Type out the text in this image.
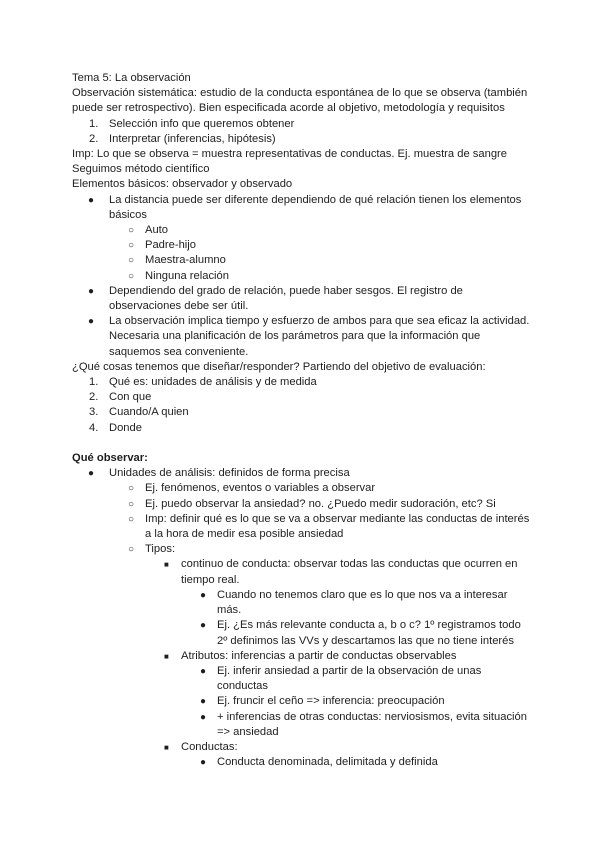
Tema 5: La observación

Observación sistemática: estudio de la conducta espontánea de lo que se observa (también

puede ser retrospectivo). Bien especificada acorde al objetivo, metodología y requisitos

1. Selección info que queremos obtener
2. Interpretar (inferencias, hipótesis)

Imp: Lo que se observa = muestra representativas de conductas. Ej. muestra de sangre

Seguimos método científico

Elementos básicos: observador y observado

● La distancia puede ser diferente dependiendo de qué relación tienen los elementos
básicos
○ Auto
○ Padre-hijo
○ Maestra-alumno
○ Ninguna relación
● Dependiendo del grado de relación, puede haber sesgos. El registro de
observaciones debe ser útil.
● La observación implica tiempo y esfuerzo de ambos para que sea eficaz la actividad.
Necesaria una planificación de los parámetros para que la información que
saquemos sea conveniente.

¿Qué cosas tenemos que diseñar/responder? Partiendo del objetivo de evaluación:

1. Qué es: unidades de análisis y de medida
2. Con que
3. Cuando/A quien
4. Donde

Qué observar:

● Unidades de análisis: definidos de forma precisa
○ Ej. fenómenos, eventos o variables a observar
○ Ej. puedo observar la ansiedad? no. ¿Puedo medir sudoración, etc? Si
○ Imp: definir qué es lo que se va a observar mediante las conductas de interés
a la hora de medir esa posible ansiedad
○ Tipos:
■ continuo de conducta: observar todas las conductas que ocurren en
tiempo real.
● Cuando no tenemos claro que es lo que nos va a interesar
más.
● Ej. ¿Es más relevante conducta a, b o c? 1º registramos todo
2º definimos las VVs y descartamos las que no tiene interés
■ Atributos: inferencias a partir de conductas observables
● Ej. inferir ansiedad a partir de la observación de unas
conductas
● Ej. fruncir el ceño => inferencia: preocupación
● + inferencias de otras conductas: nerviosismos, evita situación
=> ansiedad
■ Conductas:
● Conducta denominada, delimitada y definida
